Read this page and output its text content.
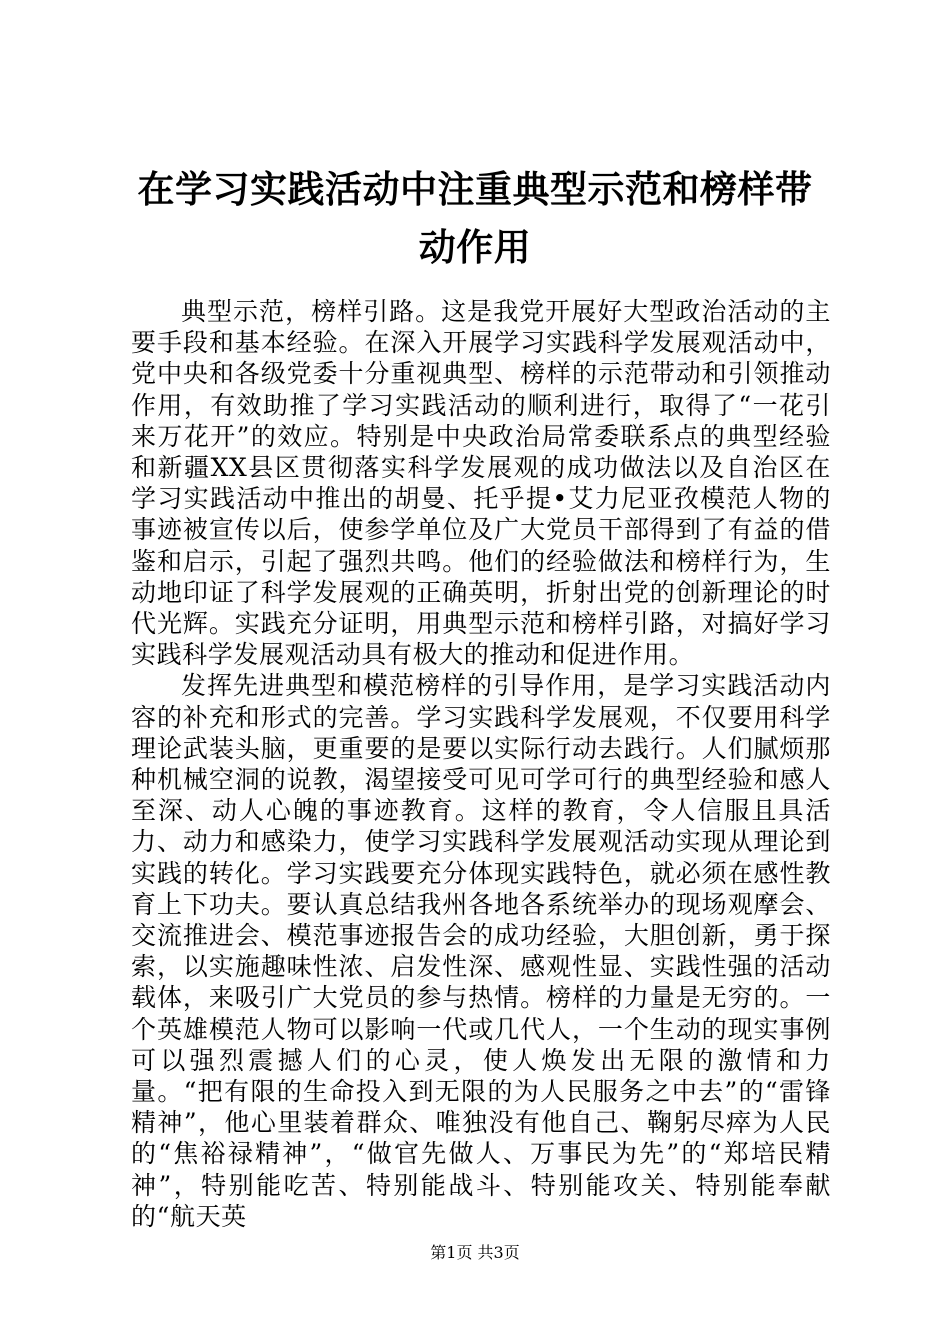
在学习实践活动中注重典型示范和榜样带动作用

典型示范，榜样引路。这是我党开展好大型政治活动的主要手段和基本经验。在深入开展学习实践科学发展观活动中，党中央和各级党委十分重视典型、榜样的示范带动和引领推动作用，有效助推了学习实践活动的顺利进行，取得了“一花引来万花开”的效应。特别是中央政治局常委联系点的典型经验和新疆XX县区贯彻落实科学发展观的成功做法以及自治区在学习实践活动中推出的胡曼、托乎提•艾力尼亚孜模范人物的事迹被宣传以后，使参学单位及广大党员干部得到了有益的借鉴和启示，引起了强烈共鸣。他们的经验做法和榜样行为，生动地印证了科学发展观的正确英明，折射出党的创新理论的时代光辉。实践充分证明，用典型示范和榜样引路，对搞好学习实践科学发展观活动具有极大的推动和促进作用。

发挥先进典型和模范榜样的引导作用，是学习实践活动内容的补充和形式的完善。学习实践科学发展观，不仅要用科学理论武装头脑，更重要的是要以实际行动去践行。人们腻烦那种机械空洞的说教，渴望接受可见可学可行的典型经验和感人至深、动人心魄的事迹教育。这样的教育，令人信服且具活力、动力和感染力，使学习实践科学发展观活动实现从理论到实践的转化。学习实践要充分体现实践特色，就必须在感性教育上下功夫。要认真总结我州各地各系统举办的现场观摩会、交流推进会、模范事迹报告会的成功经验，大胆创新，勇于探索，以实施趣味性浓、启发性深、感观性显、实践性强的活动载体，来吸引广大党员的参与热情。榜样的力量是无穷的。一个英雄模范人物可以影响一代或几代人，一个生动的现实事例可以强烈震撼人们的心灵，使人焕发出无限的激情和力量。“把有限的生命投入到无限的为人民服务之中去”的“雷锋精神”，他心里装着群众、唯独没有他自己、鞠躬尽瘁为人民的“焦裕禄精神”，“做官先做人、万事民为先”的“郑培民精神”，特别能吃苦、特别能战斗、特别能攻关、特别能奉献的“航天英

第1页 共3页
